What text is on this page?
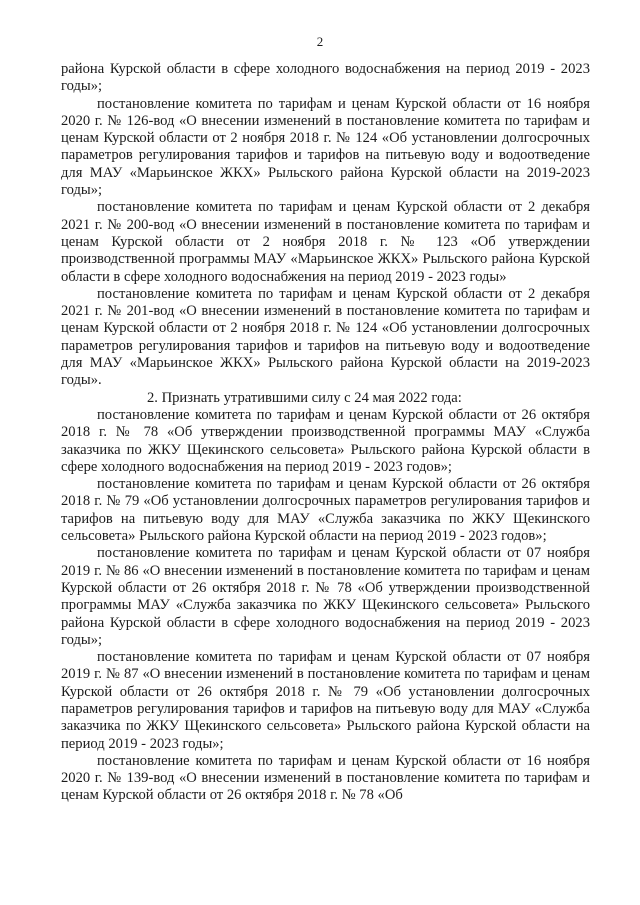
2

района Курской области в сфере холодного водоснабжения на период 2019 - 2023 годы»;

постановление комитета по тарифам и ценам Курской области от 16 ноября 2020 г. № 126-вод «О внесении изменений в постановление комитета по тарифам и ценам Курской области от 2 ноября 2018 г. № 124 «Об установлении долгосрочных параметров регулирования тарифов и тарифов на питьевую воду и водоотведение для МАУ «Марьинское ЖКХ» Рыльского района Курской области на 2019-2023 годы»;

постановление комитета по тарифам и ценам Курской области от 2 декабря 2021 г. № 200-вод «О внесении изменений в постановление комитета по тарифам и ценам Курской области от 2 ноября 2018 г. № 123 «Об утверждении производственной программы МАУ «Марьинское ЖКХ» Рыльского района Курской области в сфере холодного водоснабжения на период 2019 - 2023 годы»

постановление комитета по тарифам и ценам Курской области от 2 декабря 2021 г. № 201-вод «О внесении изменений в постановление комитета по тарифам и ценам Курской области от 2 ноября 2018 г. № 124 «Об установлении долгосрочных параметров регулирования тарифов и тарифов на питьевую воду и водоотведение для МАУ «Марьинское ЖКХ» Рыльского района Курской области на 2019-2023 годы».

2. Признать утратившими силу с 24 мая 2022 года:

постановление комитета по тарифам и ценам Курской области от 26 октября 2018 г. № 78 «Об утверждении производственной программы МАУ «Служба заказчика по ЖКУ Щекинского сельсовета» Рыльского района Курской области в сфере холодного водоснабжения на период 2019 - 2023 годов»;

постановление комитета по тарифам и ценам Курской области от 26 октября 2018 г. № 79 «Об установлении долгосрочных параметров регулирования тарифов и тарифов на питьевую воду для МАУ «Служба заказчика по ЖКУ Щекинского сельсовета» Рыльского района Курской области на период 2019 - 2023 годов»;

постановление комитета по тарифам и ценам Курской области от 07 ноября 2019 г. № 86 «О внесении изменений в постановление комитета по тарифам и ценам Курской области от 26 октября 2018 г. № 78 «Об утверждении производственной программы МАУ «Служба заказчика по ЖКУ Щекинского сельсовета» Рыльского района Курской области в сфере холодного водоснабжения на период 2019 - 2023 годы»;

постановление комитета по тарифам и ценам Курской области от 07 ноября 2019 г. № 87 «О внесении изменений в постановление комитета по тарифам и ценам Курской области от 26 октября 2018 г. № 79 «Об установлении долгосрочных параметров регулирования тарифов и тарифов на питьевую воду для МАУ «Служба заказчика по ЖКУ Щекинского сельсовета» Рыльского района Курской области на период 2019 - 2023 годы»;

постановление комитета по тарифам и ценам Курской области от 16 ноября 2020 г. № 139-вод «О внесении изменений в постановление комитета по тарифам и ценам Курской области от 26 октября 2018 г. № 78 «Об
